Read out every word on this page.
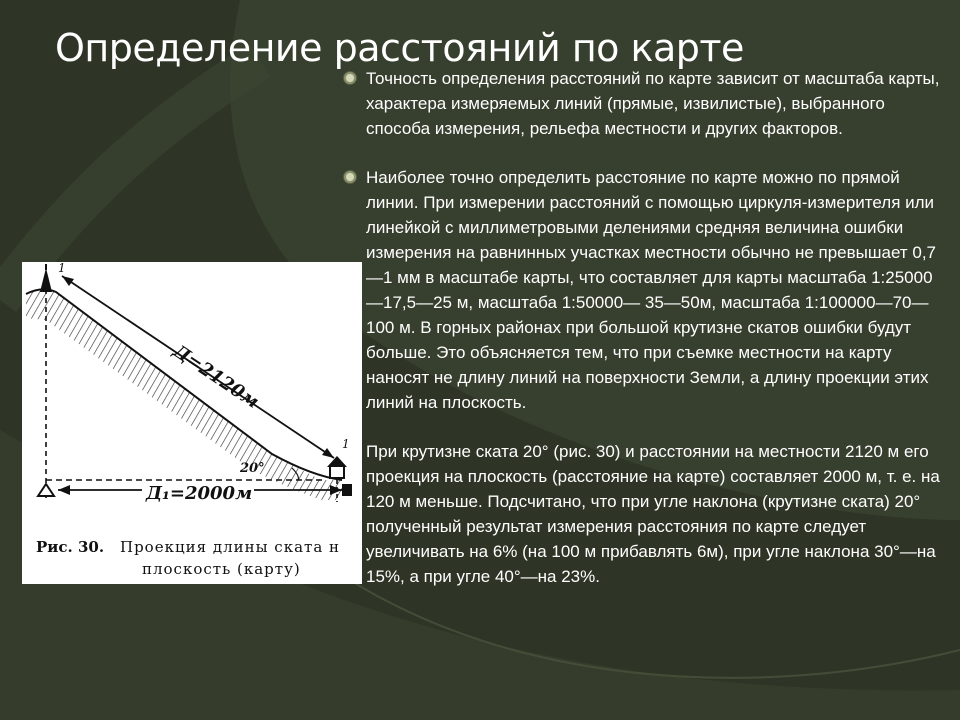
Определение расстояний по карте

Точность определения расстояний по карте зависит от масштаба карты, характера измеряемых линий (прямые, извилистые), выбранного способа измерения, рельефа местности и других факторов.

Наиболее точно определить расстояние по карте можно по прямой линии. При измерении расстояний с помощью циркуля-измерителя или линейкой с миллиметровыми делениями средняя величина ошибки измерения на равнинных участках местности обычно не превышает 0,7—1 мм в масштабе карты, что составляет для карты масштаба 1:25000—17,5—25 м, масштаба 1:50000— 35—50м, масштаба 1:100000—70—100 м. В горных районах при большой крутизне скатов ошибки будут больше. Это объясняется тем, что при съемке местности на карту наносят не длину линий на поверхности Земли, а длину проекции этих линий на плоскость.

При крутизне ската 20° (рис. 30) и расстоянии на местности 2120 м его проекция на плоскость (расстояние на карте) составляет 2000 м, т. е. на 120 м меньше. Подсчитано, что при угле наклона (крутизне ската) 20° полученный результат измерения расстояния по карте следует увеличивать на 6% (на 100 м прибавлять 6м), при угле наклона 30°—на 15%, а при угле 40°—на 23%.

1
1
Д=2120м
20°
Д₁=2000м
Рис. 30. Проекция длины ската н
плоскость (карту)
